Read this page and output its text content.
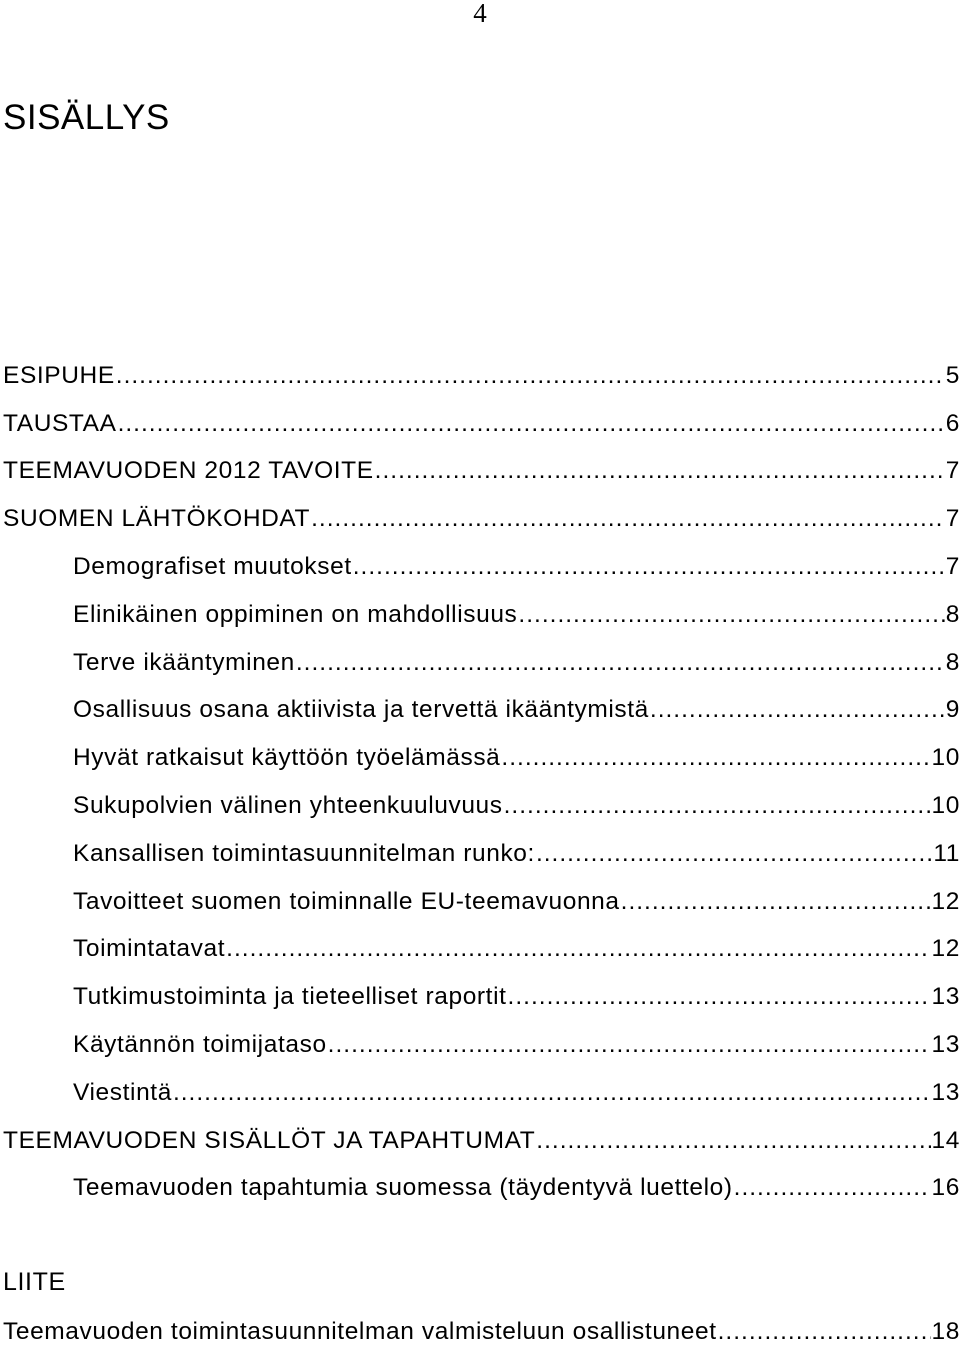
4
SISÄLLYS
ESIPUHE .....	5
TAUSTAA .....	6
TEEMAVUODEN 2012 TAVOITE .....	7
SUOMEN LÄHTÖKOHDAT .....	7
Demografiset muutokset .....	7
Elinikäinen oppiminen on mahdollisuus .....	8
Terve ikääntyminen .....	8
Osallisuus osana aktiivista ja tervettä ikääntymistä .....	9
Hyvät ratkaisut käyttöön työelämässä .....	10
Sukupolvien välinen yhteenkuuluvuus .....	10
Kansallisen toimintasuunnitelman runko: .....	11
Tavoitteet suomen toiminnalle EU-teemavuonna .....	12
Toimintatavat .....	12
Tutkimustoiminta ja tieteelliset raportit .....	13
Käytännön toimijataso .....	13
Viestintä .....	13
TEEMAVUODEN SISÄLLÖT JA TAPAHTUMAT .....	14
Teemavuoden tapahtumia suomessa (täydentyvä luettelo) .....	16
LIITE
Teemavuoden toimintasuunnitelman valmisteluun osallistuneet .....	18
